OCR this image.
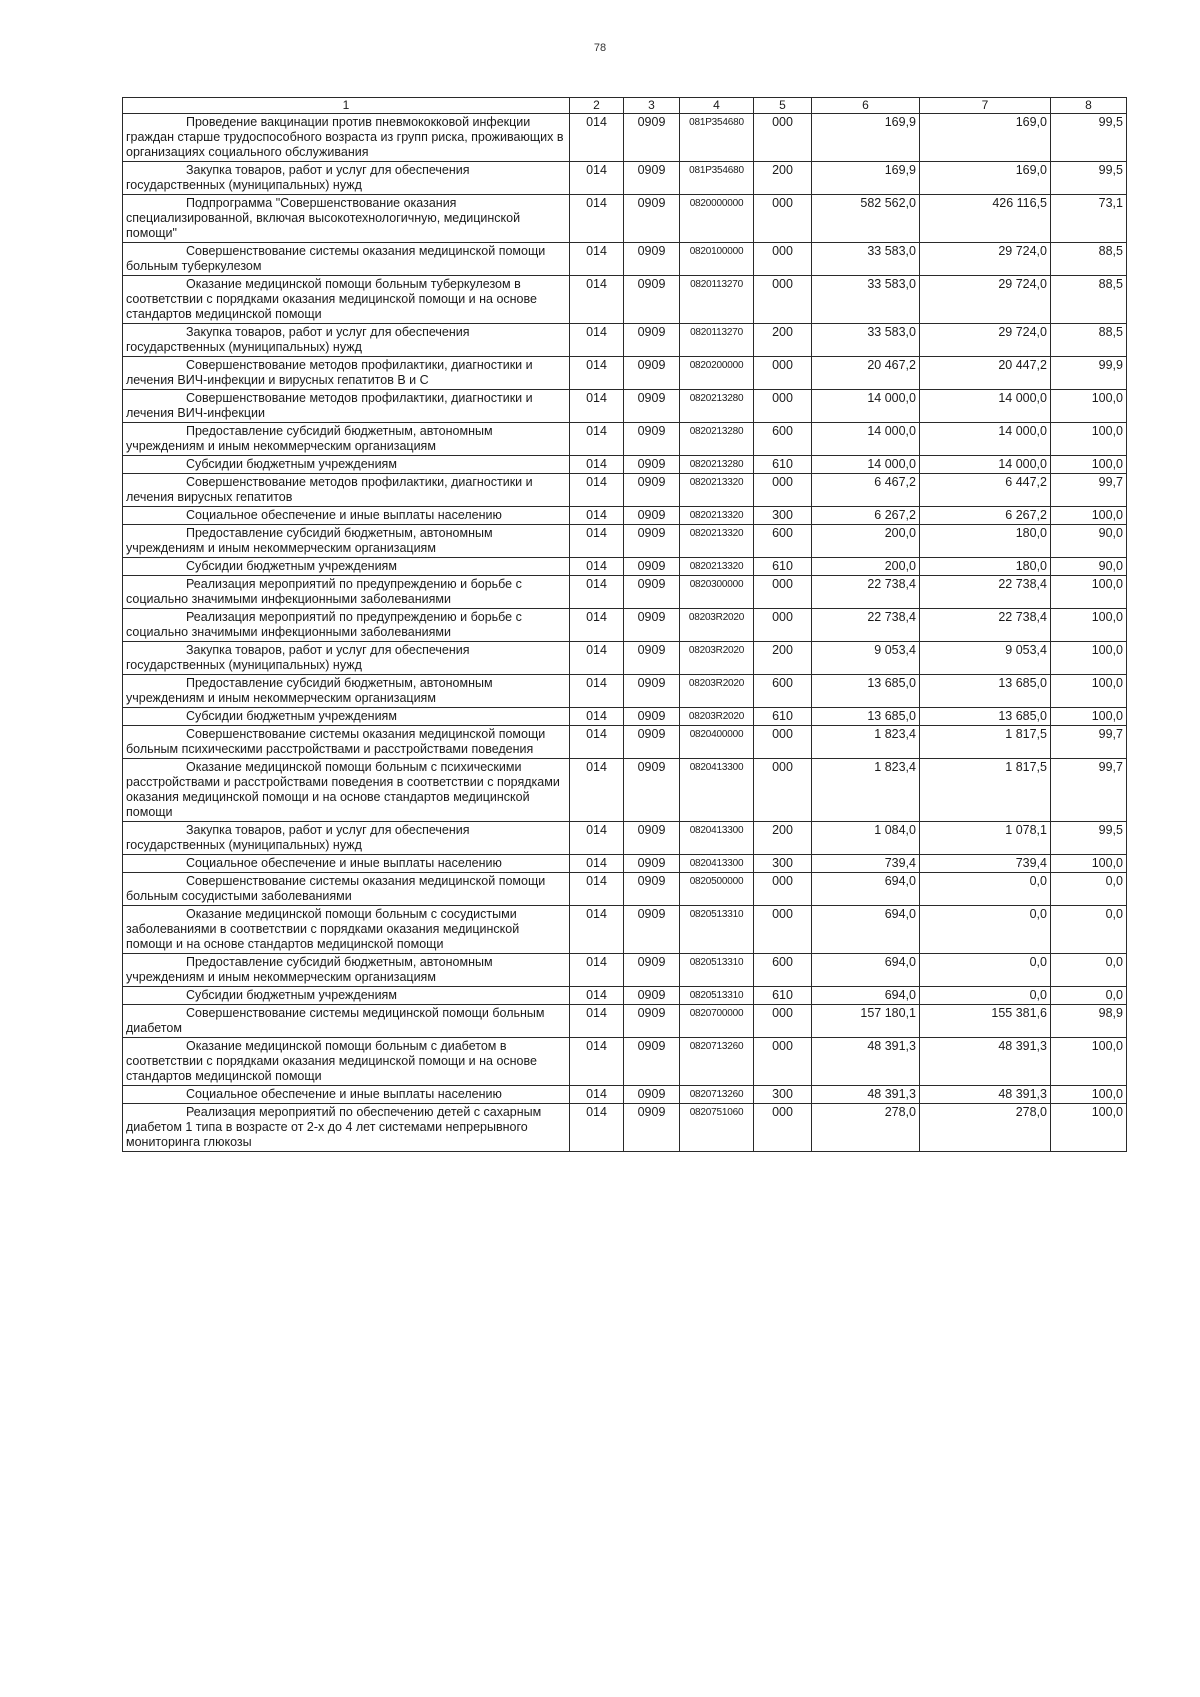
78
1	2	3	4	5	6	7	8

Проведение вакцинации против пневмококковой инфекции граждан старше трудоспособного возраста из групп риска, проживающих в организациях социального обслуживания	014	0909	081Р354680	000	169,9	169,0	99,5

Закупка товаров, работ и услуг для обеспечения государственных (муниципальных) нужд	014	0909	081Р354680	200	169,9	169,0	99,5

Подпрограмма "Совершенствование оказания специализированной, включая высокотехнологичную, медицинской помощи"	014	0909	0820000000	000	582 562,0	426 116,5	73,1

Совершенствование системы оказания медицинской помощи больным туберкулезом	014	0909	0820100000	000	33 583,0	29 724,0	88,5

Оказание медицинской помощи больным туберкулезом в соответствии с порядками оказания медицинской помощи и на основе стандартов медицинской помощи	014	0909	0820113270	000	33 583,0	29 724,0	88,5

Закупка товаров, работ и услуг для обеспечения государственных (муниципальных) нужд	014	0909	0820113270	200	33 583,0	29 724,0	88,5

Совершенствование методов профилактики, диагностики и лечения ВИЧ-инфекции и вирусных гепатитов В и С	014	0909	0820200000	000	20 467,2	20 447,2	99,9

Совершенствование методов профилактики, диагностики и лечения ВИЧ-инфекции	014	0909	0820213280	000	14 000,0	14 000,0	100,0

Предоставление субсидий бюджетным, автономным учреждениям и иным некоммерческим организациям	014	0909	0820213280	600	14 000,0	14 000,0	100,0

Субсидии бюджетным учреждениям	014	0909	0820213280	610	14 000,0	14 000,0	100,0

Совершенствование методов профилактики, диагностики и лечения вирусных гепатитов	014	0909	0820213320	000	6 467,2	6 447,2	99,7

Социальное обеспечение и иные выплаты населению	014	0909	0820213320	300	6 267,2	6 267,2	100,0

Предоставление субсидий бюджетным, автономным учреждениям и иным некоммерческим организациям	014	0909	0820213320	600	200,0	180,0	90,0

Субсидии бюджетным учреждениям	014	0909	0820213320	610	200,0	180,0	90,0

Реализация мероприятий по предупреждению и борьбе с социально значимыми инфекционными заболеваниями	014	0909	0820300000	000	22 738,4	22 738,4	100,0

Реализация мероприятий по предупреждению и борьбе с социально значимыми инфекционными заболеваниями	014	0909	08203R2020	000	22 738,4	22 738,4	100,0

Закупка товаров, работ и услуг для обеспечения государственных (муниципальных) нужд	014	0909	08203R2020	200	9 053,4	9 053,4	100,0

Предоставление субсидий бюджетным, автономным учреждениям и иным некоммерческим организациям	014	0909	08203R2020	600	13 685,0	13 685,0	100,0

Субсидии бюджетным учреждениям	014	0909	08203R2020	610	13 685,0	13 685,0	100,0

Совершенствование системы оказания медицинской помощи больным психическими расстройствами и расстройствами поведения	014	0909	0820400000	000	1 823,4	1 817,5	99,7

Оказание медицинской помощи больным с психическими расстройствами и расстройствами поведения в соответствии с порядками оказания медицинской помощи и на основе стандартов медицинской помощи	014	0909	0820413300	000	1 823,4	1 817,5	99,7

Закупка товаров, работ и услуг для обеспечения государственных (муниципальных) нужд	014	0909	0820413300	200	1 084,0	1 078,1	99,5

Социальное обеспечение и иные выплаты населению	014	0909	0820413300	300	739,4	739,4	100,0

Совершенствование системы оказания медицинской помощи больным сосудистыми заболеваниями	014	0909	0820500000	000	694,0	0,0	0,0

Оказание медицинской помощи больным с сосудистыми заболеваниями в соответствии с порядками оказания медицинской помощи и на основе стандартов медицинской помощи	014	0909	0820513310	000	694,0	0,0	0,0

Предоставление субсидий бюджетным, автономным учреждениям и иным некоммерческим организациям	014	0909	0820513310	600	694,0	0,0	0,0

Субсидии бюджетным учреждениям	014	0909	0820513310	610	694,0	0,0	0,0

Совершенствование системы медицинской помощи больным диабетом	014	0909	0820700000	000	157 180,1	155 381,6	98,9

Оказание медицинской помощи больным с диабетом в соответствии с порядками оказания медицинской помощи и на основе стандартов медицинской помощи	014	0909	0820713260	000	48 391,3	48 391,3	100,0

Социальное обеспечение и иные выплаты населению	014	0909	0820713260	300	48 391,3	48 391,3	100,0

Реализация мероприятий по обеспечению детей с сахарным диабетом 1 типа в возрасте от 2-х до 4 лет системами непрерывного мониторинга глюкозы	014	0909	0820751060	000	278,0	278,0	100,0
